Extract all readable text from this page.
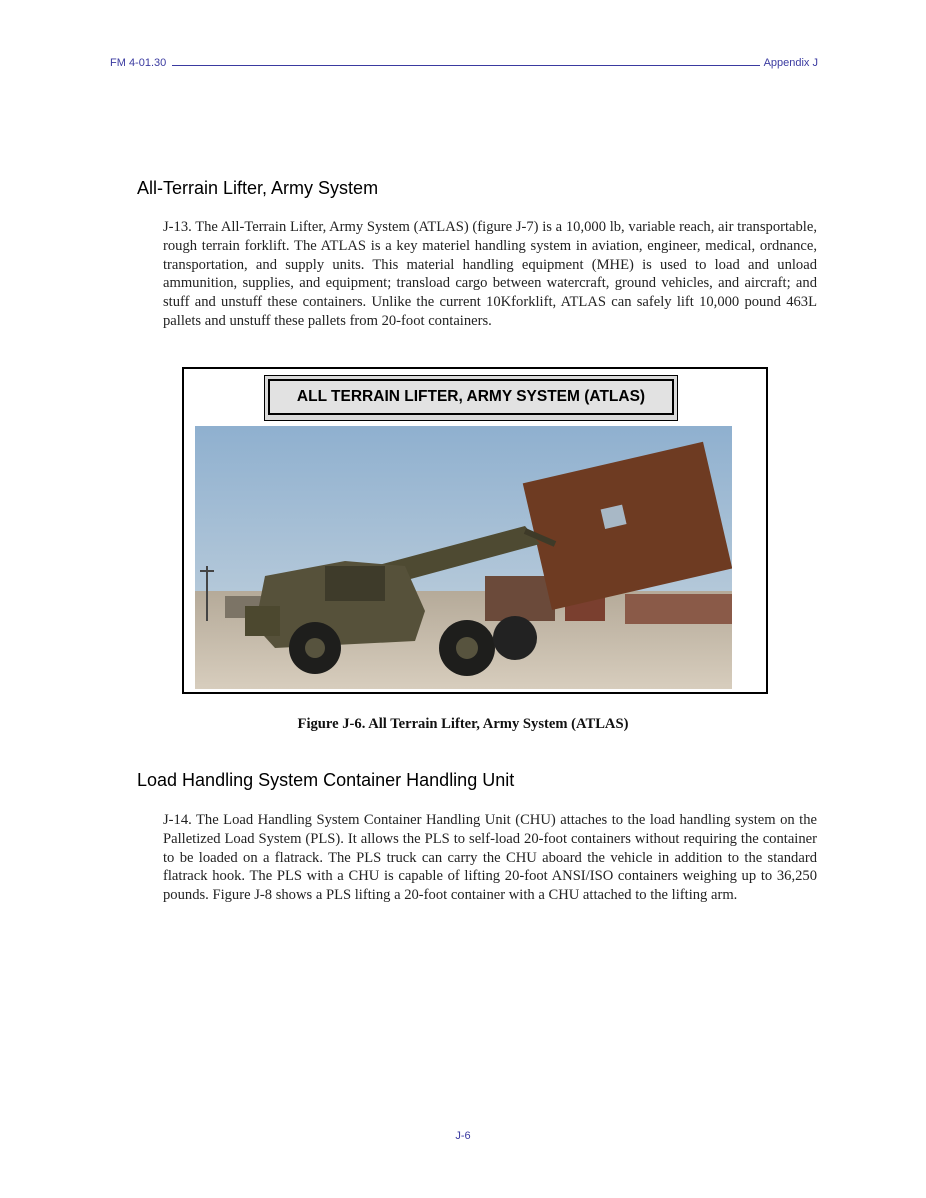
FM 4-01.30	Appendix J
All-Terrain Lifter, Army System

J-13. The All-Terrain Lifter, Army System (ATLAS) (figure J-7) is a 10,000 lb, variable reach, air transportable, rough terrain forklift. The ATLAS is a key materiel handling system in aviation, engineer, medical, ordnance, transportation, and supply units. This material handling equipment (MHE) is used to load and unload ammunition, supplies, and equipment; transload cargo between watercraft, ground vehicles, and aircraft; and stuff and unstuff these containers. Unlike the current 10Kforklift, ATLAS can safely lift 10,000 pound 463L pallets and unstuff these pallets from 20-foot containers.

ALL TERRAIN LIFTER, ARMY SYSTEM (ATLAS)

Figure J-6. All Terrain Lifter, Army System (ATLAS)

Load Handling System Container Handling Unit

J-14. The Load Handling System Container Handling Unit (CHU) attaches to the load handling system on the Palletized Load System (PLS). It allows the PLS to self-load 20-foot containers without requiring the container to be loaded on a flatrack. The PLS truck can carry the CHU aboard the vehicle in addition to the standard flatrack hook. The PLS with a CHU is capable of lifting 20-foot ANSI/ISO containers weighing up to 36,250 pounds. Figure J-8 shows a PLS lifting a 20-foot container with a CHU attached to the lifting arm.

J-6
